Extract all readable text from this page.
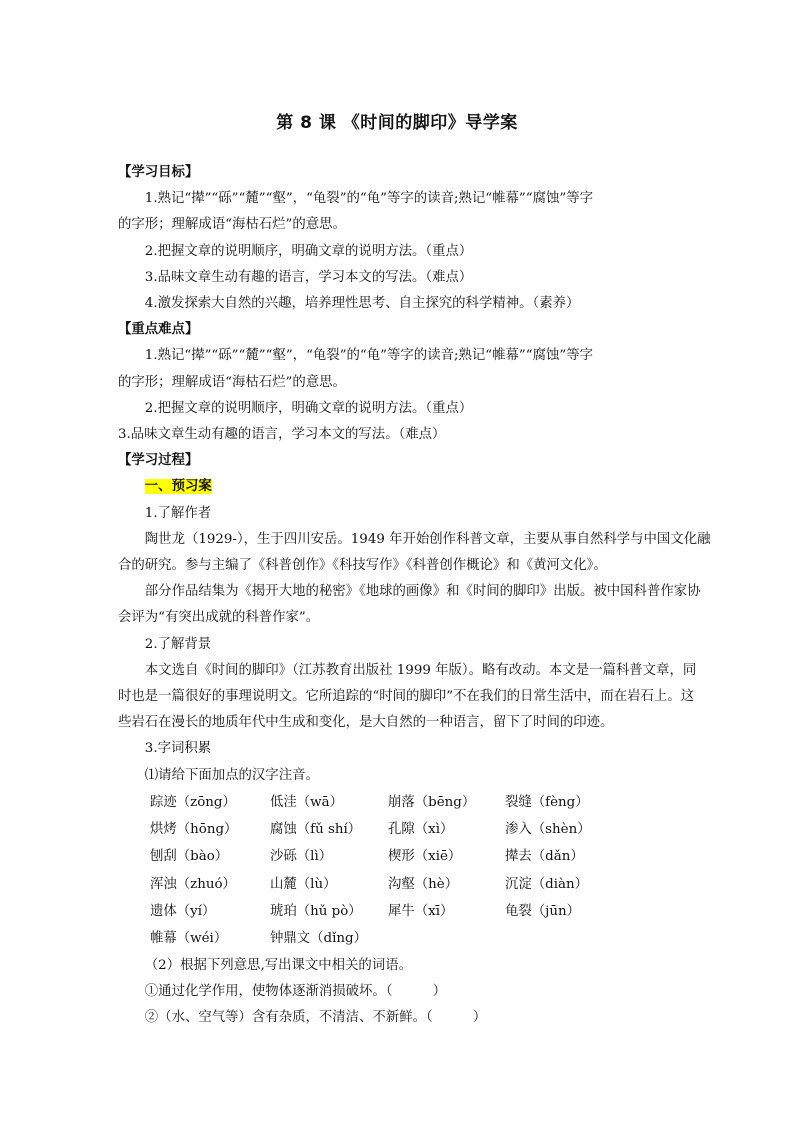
第 8 课 《时间的脚印》导学案
【学习目标】
1.熟记“撵”“砾”“麓”“壑”，“龟裂”的“龟”等字的读音;熟记“帷幕”“腐蚀”等字
的字形；理解成语“海枯石烂”的意思。
2.把握文章的说明顺序，明确文章的说明方法。（重点）
3.品味文章生动有趣的语言，学习本文的写法。（难点）
4.激发探索大自然的兴趣，培养理性思考、自主探究的科学精神。（素养）
【重点难点】
1.熟记“撵”“砾”“麓”“壑”，“龟裂”的“龟”等字的读音;熟记“帷幕”“腐蚀”等字
的字形；理解成语“海枯石烂”的意思。
2.把握文章的说明顺序，明确文章的说明方法。（重点）
3.品味文章生动有趣的语言，学习本文的写法。（难点）
【学习过程】
一、预习案
1.了解作者
陶世龙（1929-），生于四川安岳。1949 年开始创作科普文章，主要从事自然科学与中国文化融
合的研究。参与主编了《科普创作》《科技写作》《科普创作概论》和《黄河文化》。
部分作品结集为《揭开大地的秘密》《地球的画像》和《时间的脚印》出版。被中国科普作家协
会评为“有突出成就的科普作家”。
2.了解背景
本文选自《时间的脚印》（江苏教育出版社 1999 年版）。略有改动。本文是一篇科普文章，同
时也是一篇很好的事理说明文。它所追踪的“时间的脚印”不在我们的日常生活中，而在岩石上。这
些岩石在漫长的地质年代中生成和变化，是大自然的一种语言，留下了时间的印迹。
3.字词积累
⑴请给下面加点的汉字注音。
踪迹（zōng）	低洼（wā）	崩落（bēng）	裂缝（fèng）
烘烤（hōng）	腐蚀（fǔ shí）	孔隙（xì）	渗入（shèn）
刨刮（bào）	沙砾（lì）	楔形（xiē）	撵去（dǎn）
浑浊（zhuó）	山麓（lù）	沟壑（hè）	沉淀（diàn）
遗体（yí）	琥珀（hǔ pò）	犀牛（xī）	龟裂（jūn）
帷幕（wéi）	钟鼎文（dǐng）
（2）根据下列意思,写出课文中相关的词语。
①通过化学作用，使物体逐渐消损破坏。（　　　）
②（水、空气等）含有杂质，不清洁、不新鲜。（　　　）
